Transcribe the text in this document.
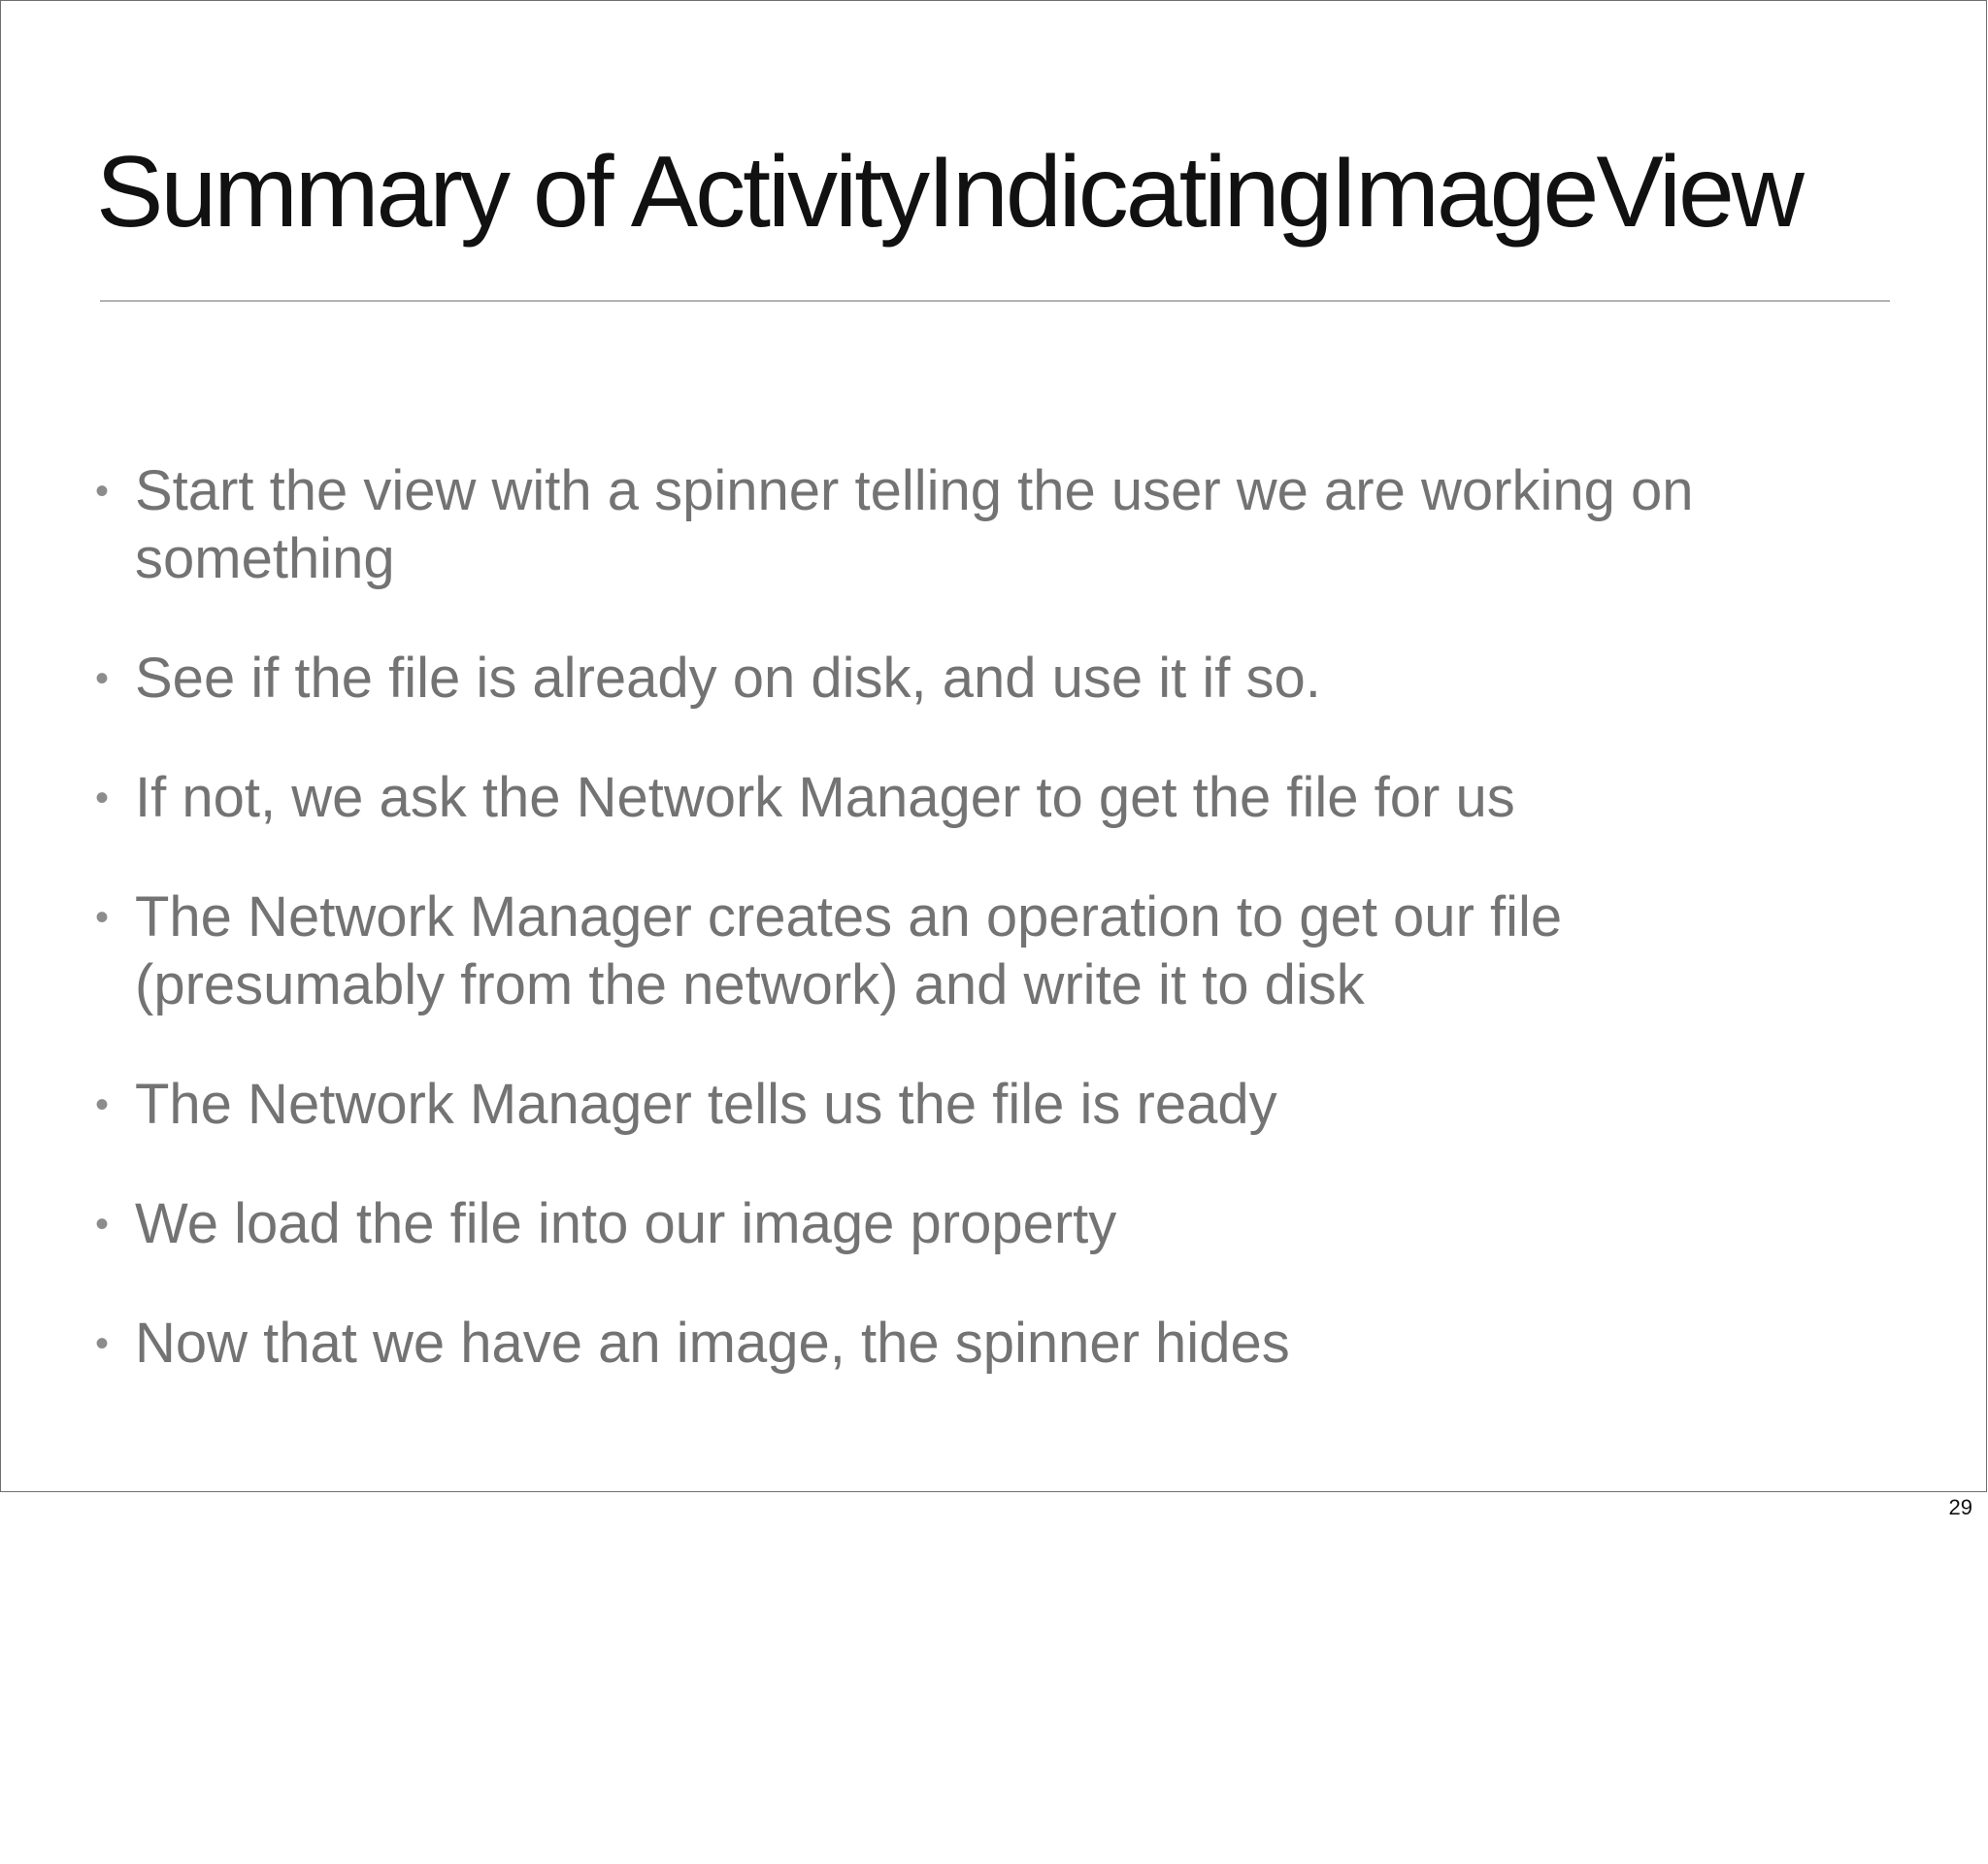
Summary of ActivityIndicatingImageView
• Start the view with a spinner telling the user we are working on something
• See if the file is already on disk, and use it if so.
• If not, we ask the Network Manager to get the file for us
• The Network Manager creates an operation to get our file (presumably from the network) and write it to disk
• The Network Manager tells us the file is ready
• We load the file into our image property
• Now that we have an image, the spinner hides
29
